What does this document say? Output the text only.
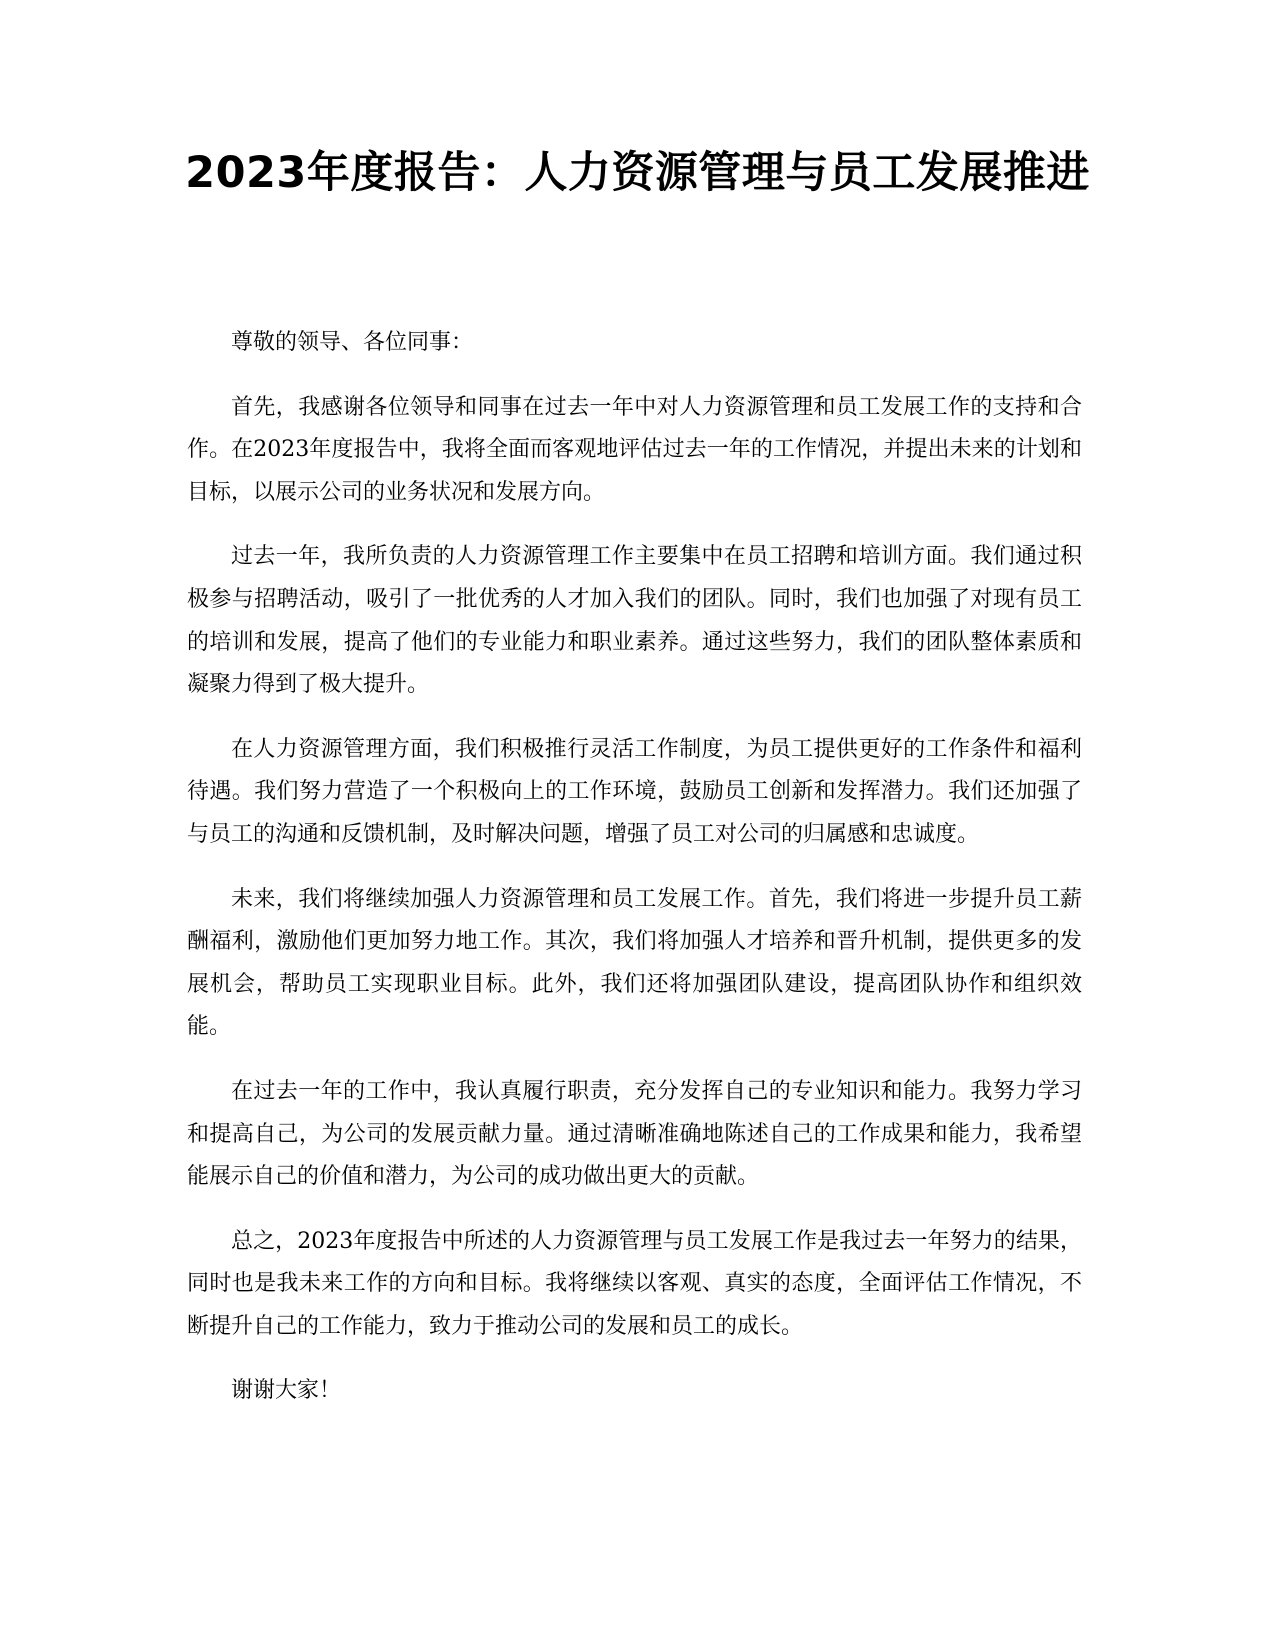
2023年度报告：人力资源管理与员工发展推进

尊敬的领导、各位同事：

首先，我感谢各位领导和同事在过去一年中对人力资源管理和员工发展工作的支持和合作。在2023年度报告中，我将全面而客观地评估过去一年的工作情况，并提出未来的计划和目标，以展示公司的业务状况和发展方向。

过去一年，我所负责的人力资源管理工作主要集中在员工招聘和培训方面。我们通过积极参与招聘活动，吸引了一批优秀的人才加入我们的团队。同时，我们也加强了对现有员工的培训和发展，提高了他们的专业能力和职业素养。通过这些努力，我们的团队整体素质和凝聚力得到了极大提升。

在人力资源管理方面，我们积极推行灵活工作制度，为员工提供更好的工作条件和福利待遇。我们努力营造了一个积极向上的工作环境，鼓励员工创新和发挥潜力。我们还加强了与员工的沟通和反馈机制，及时解决问题，增强了员工对公司的归属感和忠诚度。

未来，我们将继续加强人力资源管理和员工发展工作。首先，我们将进一步提升员工薪酬福利，激励他们更加努力地工作。其次，我们将加强人才培养和晋升机制，提供更多的发展机会，帮助员工实现职业目标。此外，我们还将加强团队建设，提高团队协作和组织效能。

在过去一年的工作中，我认真履行职责，充分发挥自己的专业知识和能力。我努力学习和提高自己，为公司的发展贡献力量。通过清晰准确地陈述自己的工作成果和能力，我希望能展示自己的价值和潜力，为公司的成功做出更大的贡献。

总之，2023年度报告中所述的人力资源管理与员工发展工作是我过去一年努力的结果，同时也是我未来工作的方向和目标。我将继续以客观、真实的态度，全面评估工作情况，不断提升自己的工作能力，致力于推动公司的发展和员工的成长。

谢谢大家！
